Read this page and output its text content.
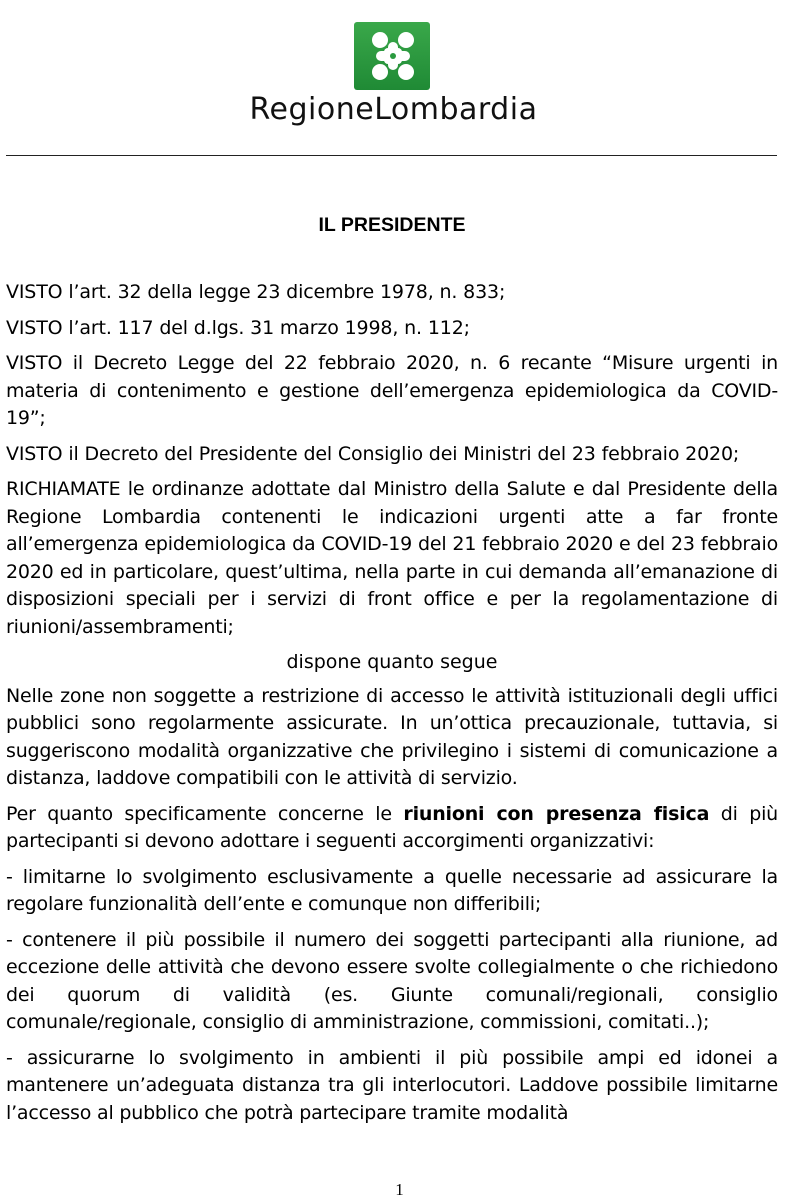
RegioneLombardia
IL PRESIDENTE

VISTO l’art. 32 della legge 23 dicembre 1978, n. 833;

VISTO l’art. 117 del d.lgs. 31 marzo 1998, n. 112;

VISTO il Decreto Legge del 22 febbraio 2020, n. 6 recante “Misure urgenti in materia di contenimento e gestione dell’emergenza epidemiologica da COVID-19”;

VISTO il Decreto del Presidente del Consiglio dei Ministri del 23 febbraio 2020;

RICHIAMATE le ordinanze adottate dal Ministro della Salute e dal Presidente della Regione Lombardia contenenti le indicazioni urgenti atte a far fronte all’emergenza epidemiologica da COVID-19 del 21 febbraio 2020 e del 23 febbraio 2020 ed in particolare, quest’ultima, nella parte in cui demanda all’emanazione di disposizioni speciali per i servizi di front office e per la regolamentazione di riunioni/assembramenti;

dispone quanto segue

Nelle zone non soggette a restrizione di accesso le attività istituzionali degli uffici pubblici sono regolarmente assicurate. In un’ottica precauzionale, tuttavia, si suggeriscono modalità organizzative che privilegino i sistemi di comunicazione a distanza, laddove compatibili con le attività di servizio.

Per quanto specificamente concerne le riunioni con presenza fisica di più partecipanti si devono adottare i seguenti accorgimenti organizzativi:

- limitarne lo svolgimento esclusivamente a quelle necessarie ad assicurare la regolare funzionalità dell’ente e comunque non differibili;

- contenere il più possibile il numero dei soggetti partecipanti alla riunione, ad eccezione delle attività che devono essere svolte collegialmente o che richiedono dei quorum di validità (es. Giunte comunali/regionali, consiglio comunale/regionale, consiglio di amministrazione, commissioni, comitati..);

- assicurarne lo svolgimento in ambienti il più possibile ampi ed idonei a mantenere un’adeguata distanza tra gli interlocutori. Laddove possibile limitarne l’accesso al pubblico che potrà partecipare tramite modalità

1
